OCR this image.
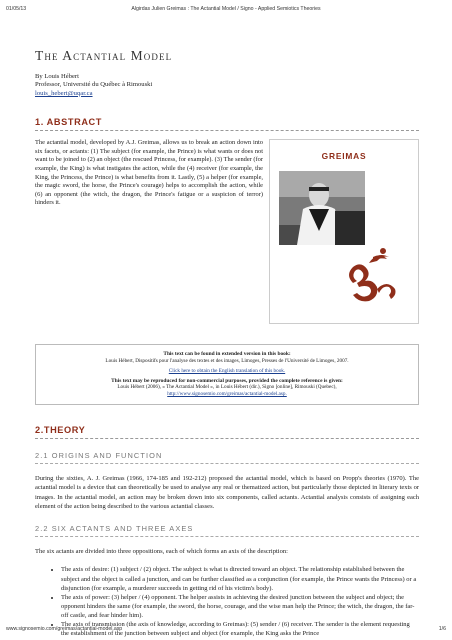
01/05/13	Algirdas Julien Greimas : The Actantial Model / Signo - Applied Semiotics Theories
The Actantial Model
By Louis Hébert
Professor, Université du Québec à Rimouski
louis_hebert@uqar.ca
1. ABSTRACT

The actantial model, developed by A.J. Greimas, allows us to break an action down into six facets, or actants: (1) The subject (for example, the Prince) is what wants or does not want to be joined to (2) an object (the rescued Princess, for example). (3) The sender (for example, the King) is what instigates the action, while the (4) receiver (for example, the King, the Princess, the Prince) is what benefits from it. Lastly, (5) a helper (for example, the magic sword, the horse, the Prince's courage) helps to accomplish the action, while (6) an opponent (the witch, the dragon, the Prince's fatigue or a suspicion of terror) hinders it.

GREIMAS
This text can be found in extended version in this book:
Louis Hébert, Dispositifs pour l'analyse des textes et des images, Limoges, Presses de l'Université de Limoges, 2007.
Click here to obtain the English translation of this book.
This text may be reproduced for non-commercial purposes, provided the complete reference is given:
Louis Hébert (2006), « The Actantial Model », in Louis Hébert (dir.), Signo [online], Rimouski (Quebec),
http://www.signosemio.com/greimas/actantial-model.asp.
2.THEORY
2.1 ORIGINS AND FUNCTION

During the sixties, A. J. Greimas (1966, 174-185 and 192-212) proposed the actantial model, which is based on Propp's theories (1970). The actantial model is a device that can theoretically be used to analyse any real or thematized action, but particularly those depicted in literary texts or images. In the actantial model, an action may be broken down into six components, called actants. Actantial analysis consists of assigning each element of the action being described to the various actantial classes.

2.2 SIX ACTANTS AND THREE AXES

The six actants are divided into three oppositions, each of which forms an axis of the description:

• The axis of desire: (1) subject / (2) object. The subject is what is directed toward an object. The relationship established between the subject and the object is called a junction, and can be further classified as a conjunction (for example, the Prince wants the Princess) or a disjunction (for example, a murderer succeeds in getting rid of his victim's body).
• The axis of power: (3) helper / (4) opponent. The helper assists in achieving the desired junction between the subject and object; the opponent hinders the same (for example, the sword, the horse, courage, and the wise man help the Prince; the witch, the dragon, the far-off castle, and fear hinder him).
• The axis of transmission (the axis of knowledge, according to Greimas): (5) sender / (6) receiver. The sender is the element requesting the establishment of the junction between subject and object (for example, the King asks the Prince
www.signosemio.com/greimas/actantial-model.asp	1/6
